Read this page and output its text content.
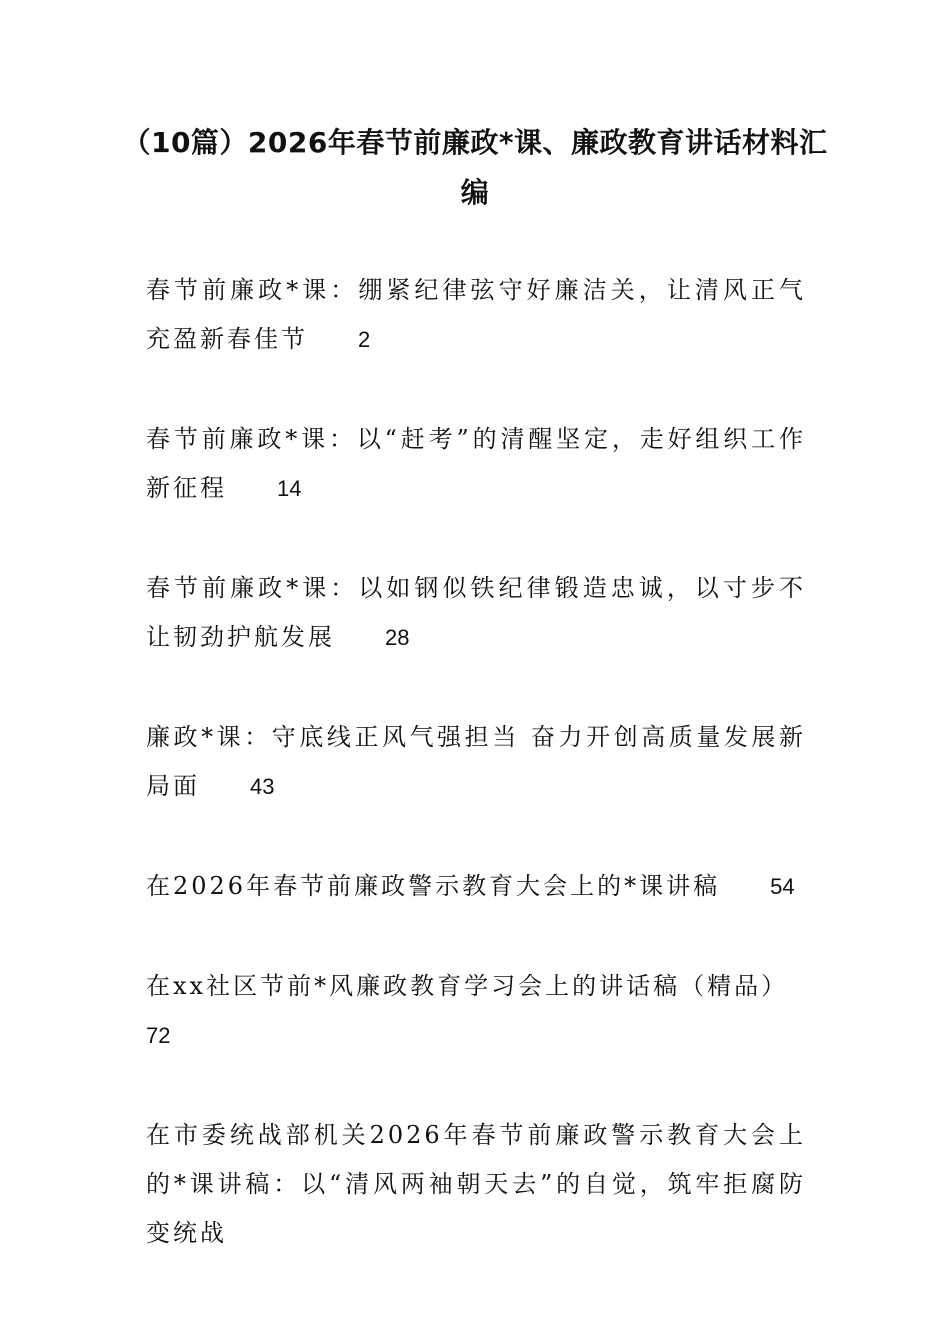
（10篇）2026年春节前廉政*课、廉政教育讲话材料汇编
春节前廉政*课：绷紧纪律弦守好廉洁关，让清风正气充盈新春佳节 2
春节前廉政*课：以“赶考”的清醒坚定，走好组织工作新征程 14
春节前廉政*课：以如钢似铁纪律锻造忠诚，以寸步不让韧劲护航发展 28
廉政*课：守底线正风气强担当 奋力开创高质量发展新局面 43
在2026年春节前廉政警示教育大会上的*课讲稿 54
在xx社区节前*风廉政教育学习会上的讲话稿（精品）
72
在市委统战部机关2026年春节前廉政警示教育大会上的*课讲稿：以“清风两袖朝天去”的自觉，筑牢拒腐防变统战
